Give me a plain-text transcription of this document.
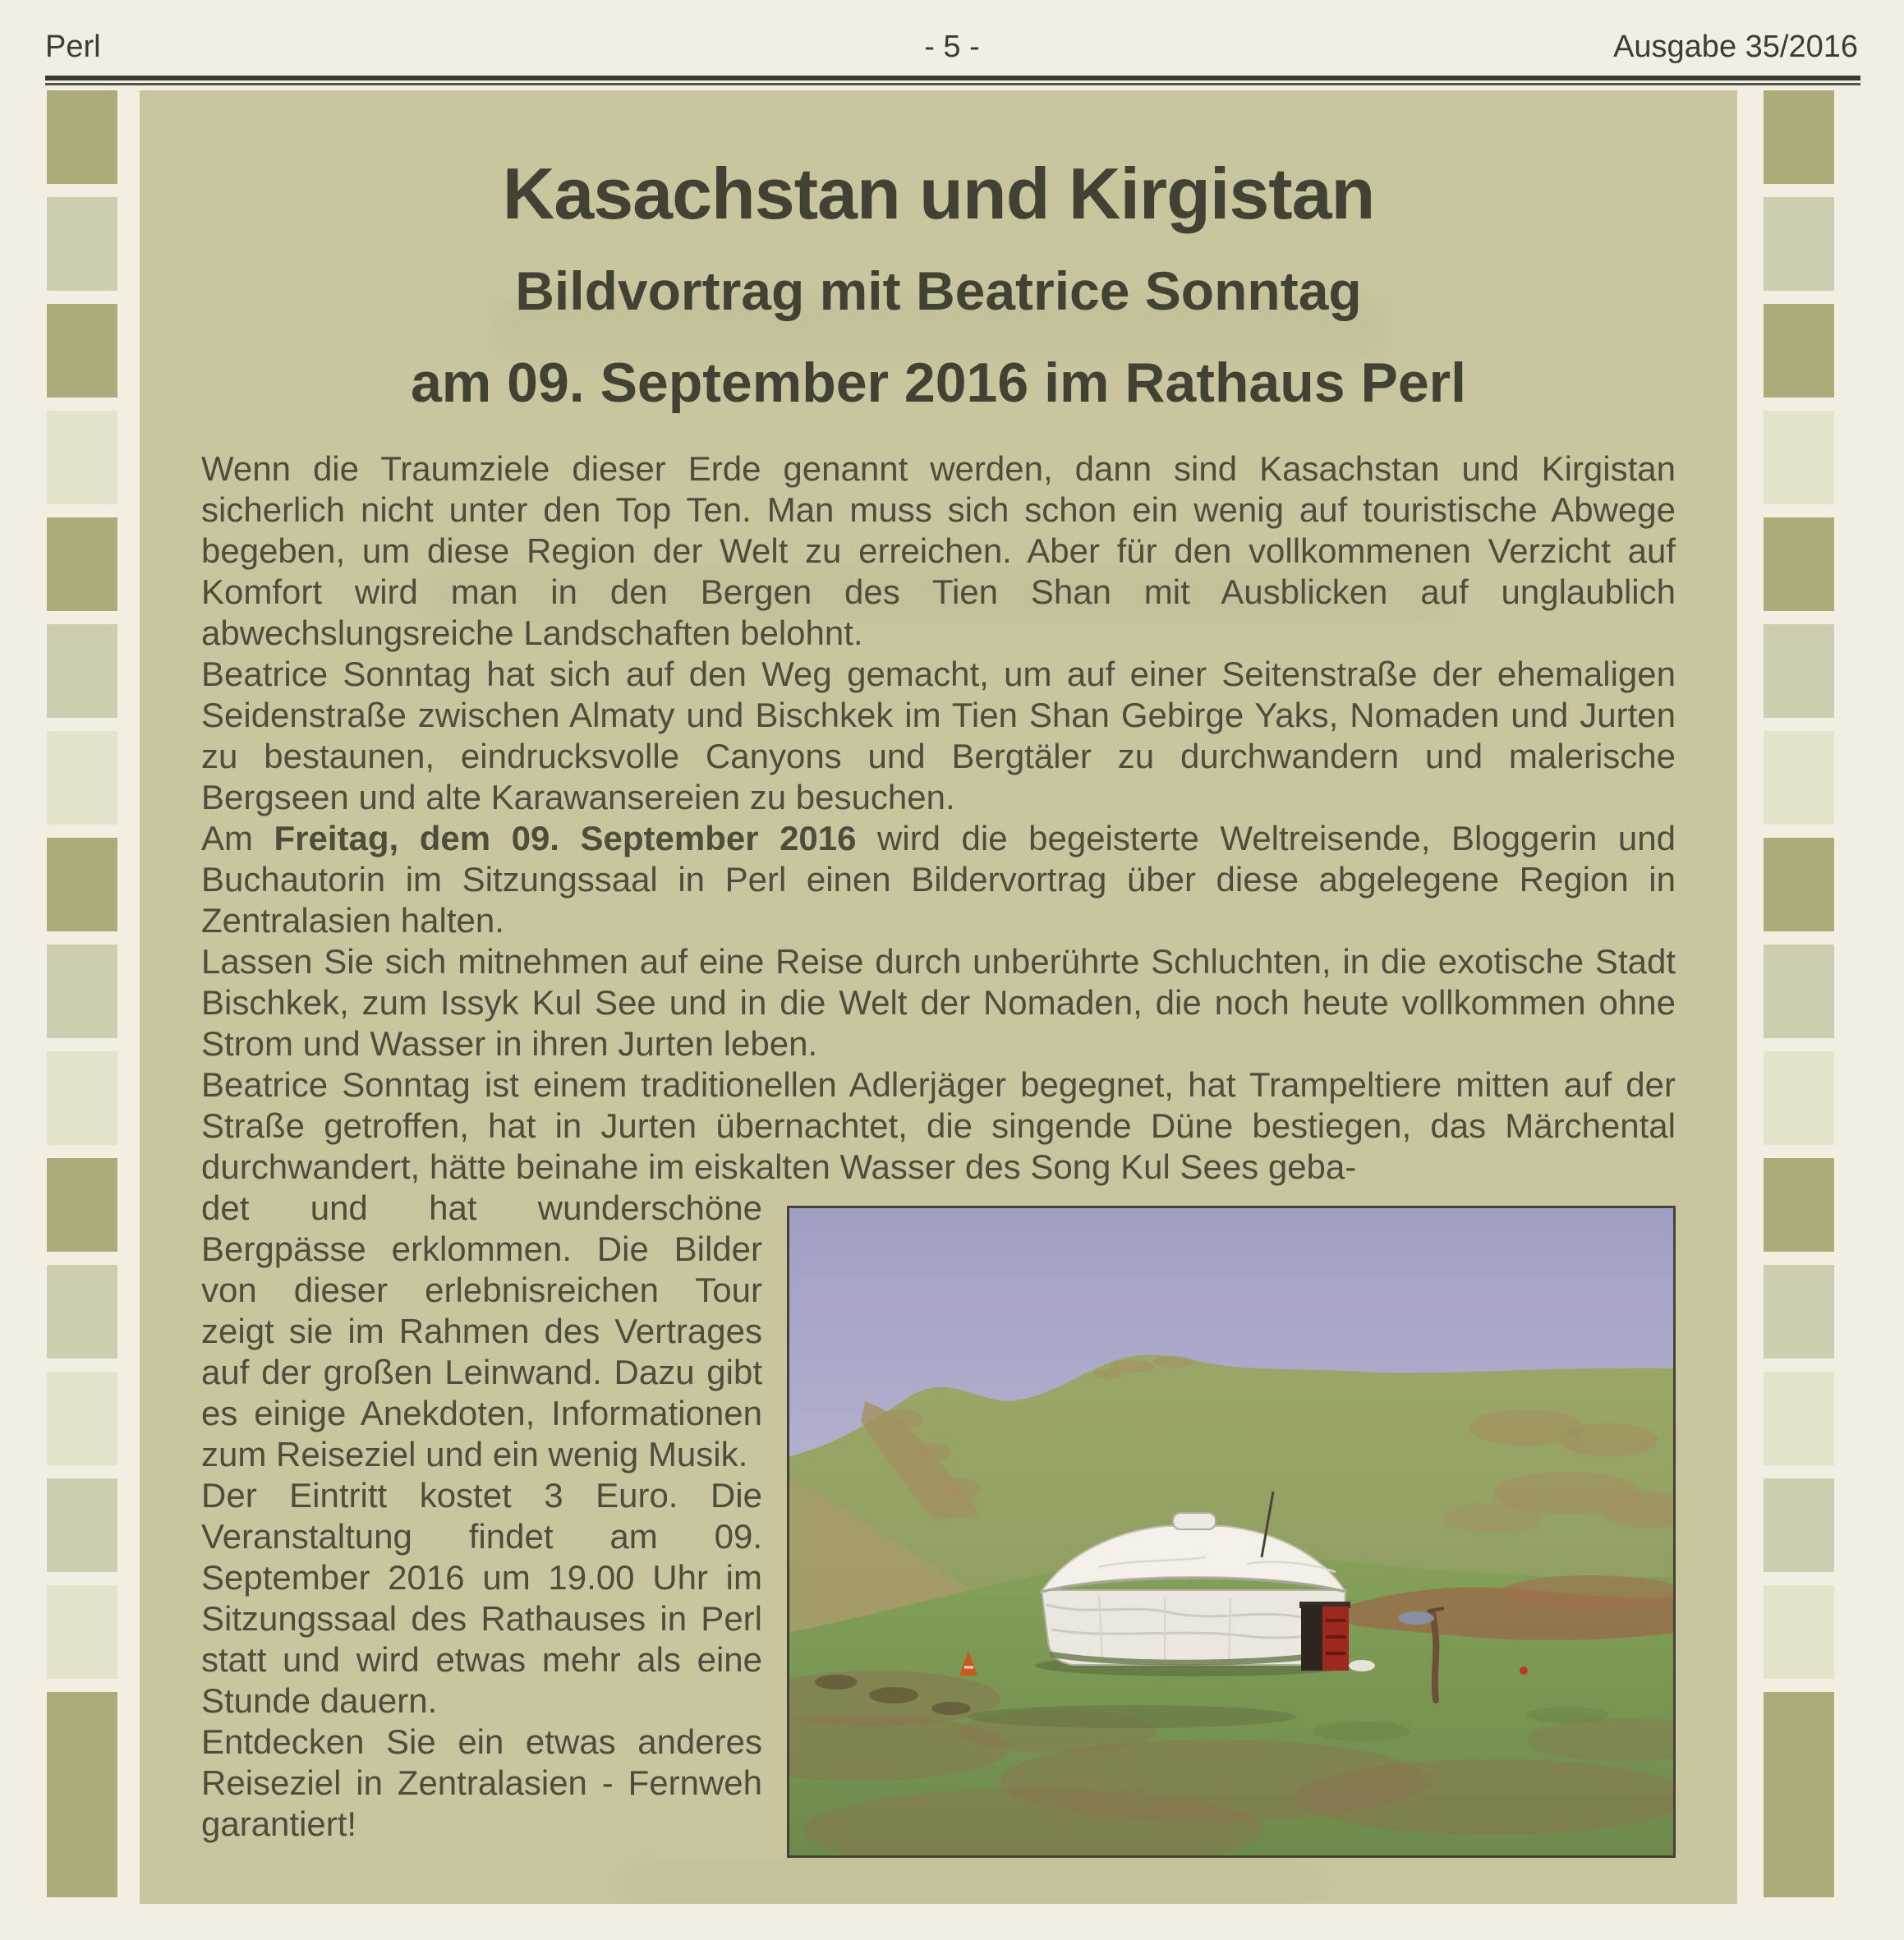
Perl	- 5 -	Ausgabe 35/2016
Kasachstan und Kirgistan
Bildvortrag mit Beatrice Sonntag
am 09. September 2016 im Rathaus Perl

Wenn die Traumziele dieser Erde genannt werden, dann sind Kasachstan und Kirgistan sicherlich nicht unter den Top Ten. Man muss sich schon ein wenig auf touristische Abwege begeben, um diese Region der Welt zu erreichen. Aber für den vollkommenen Verzicht auf Komfort wird man in den Bergen des Tien Shan mit Ausblicken auf unglaublich abwechslungsreiche Landschaften belohnt.

Beatrice Sonntag hat sich auf den Weg gemacht, um auf einer Seitenstraße der ehemaligen Seidenstraße zwischen Almaty und Bischkek im Tien Shan Gebirge Yaks, Nomaden und Jurten zu bestaunen, eindrucksvolle Canyons und Bergtäler zu durchwandern und malerische Bergseen und alte Karawansereien zu besuchen.

Am Freitag, dem 09. September 2016 wird die begeisterte Weltreisende, Bloggerin und Buchautorin im Sitzungssaal in Perl einen Bildervortrag über diese abgelegene Region in Zentralasien halten.

Lassen Sie sich mitnehmen auf eine Reise durch unberührte Schluchten, in die exotische Stadt Bischkek, zum Issyk Kul See und in die Welt der Nomaden, die noch heute vollkommen ohne Strom und Wasser in ihren Jurten leben.

Beatrice Sonntag ist einem traditionellen Adlerjäger begegnet, hat Trampeltiere mitten auf der Straße getroffen, hat in Jurten übernachtet, die singende Düne bestiegen, das Märchental durchwandert, hätte beinahe im eiskalten Wasser des Song Kul Sees geba-

det und hat wunderschöne Bergpässe erklommen. Die Bilder von dieser erlebnisreichen Tour zeigt sie im Rahmen des Vertrages auf der großen Leinwand. Dazu gibt es einige Anekdoten, Informationen zum Reiseziel und ein wenig Musik.

Der Eintritt kostet 3 Euro. Die Veranstaltung findet am 09. September 2016 um 19.00 Uhr im Sitzungssaal des Rathauses in Perl statt und wird etwas mehr als eine Stunde dauern.

Entdecken Sie ein etwas anderes Reiseziel in Zentralasien - Fernweh garantiert!
